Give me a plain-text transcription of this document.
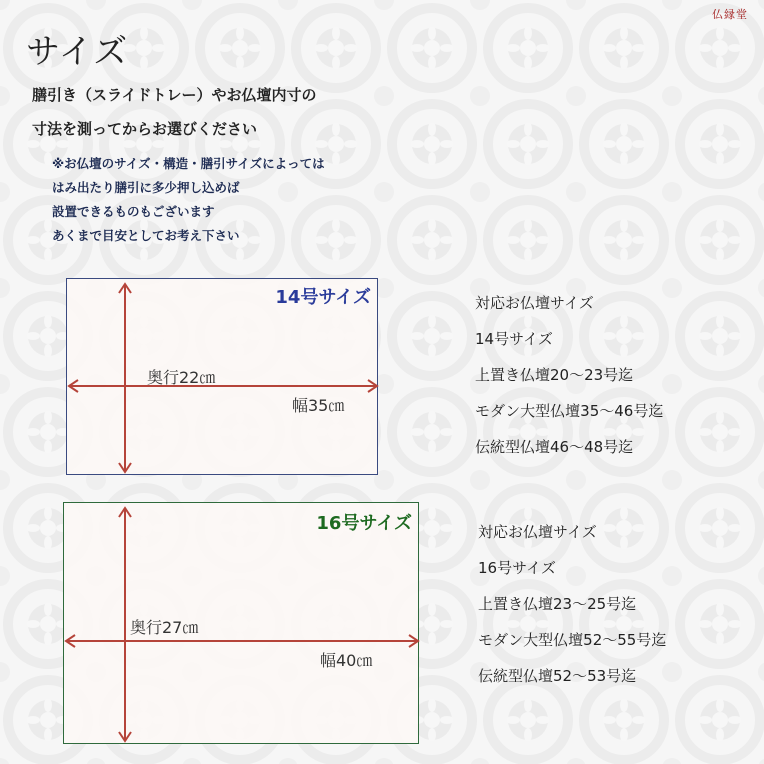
仏縁堂
サイズ
膳引き（スライドトレー）やお仏壇内寸の
寸法を測ってからお選びください
※お仏壇のサイズ・構造・膳引サイズによっては
はみ出たり膳引に多少押し込めば
設置できるものもございます
あくまで目安としてお考え下さい
14号サイズ
奥行22㎝
幅35㎝
16号サイズ
奥行27㎝
幅40㎝
対応お仏壇サイズ
14号サイズ
上置き仏壇20～23号迄
モダン大型仏壇35～46号迄
伝統型仏壇46～48号迄
対応お仏壇サイズ
16号サイズ
上置き仏壇23～25号迄
モダン大型仏壇52～55号迄
伝統型仏壇52～53号迄
